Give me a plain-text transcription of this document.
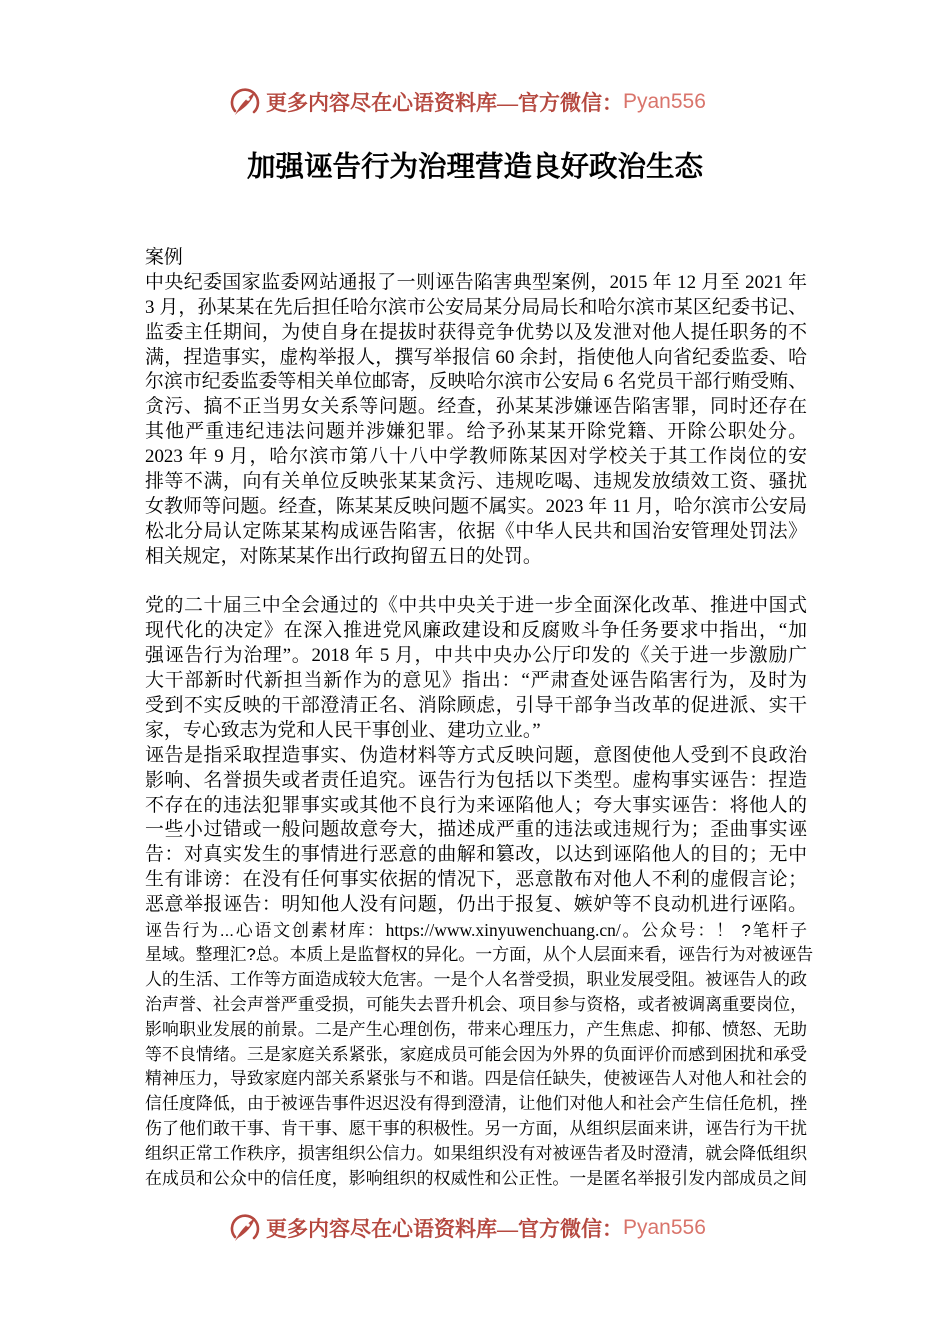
更多内容尽在心语资料库—官方微信： Pyan556
加强诬告行为治理营造良好政治生态
案例
中央纪委国家监委网站通报了一则诬告陷害典型案例，2015 年 12 月至 2021 年
3 月，孙某某在先后担任哈尔滨市公安局某分局局长和哈尔滨市某区纪委书记、
监委主任期间，为使自身在提拔时获得竞争优势以及发泄对他人提任职务的不
满，捏造事实，虚构举报人，撰写举报信 60 余封，指使他人向省纪委监委、哈
尔滨市纪委监委等相关单位邮寄，反映哈尔滨市公安局 6 名党员干部行贿受贿、
贪污、搞不正当男女关系等问题。经查，孙某某涉嫌诬告陷害罪，同时还存在
其他严重违纪违法问题并涉嫌犯罪。给予孙某某开除党籍、开除公职处分。
2023 年 9 月，哈尔滨市第八十八中学教师陈某因对学校关于其工作岗位的安
排等不满，向有关单位反映张某某贪污、违规吃喝、违规发放绩效工资、骚扰
女教师等问题。经查，陈某某反映问题不属实。2023 年 11 月，哈尔滨市公安局
松北分局认定陈某某构成诬告陷害，依据《中华人民共和国治安管理处罚法》
相关规定，对陈某某作出行政拘留五日的处罚。
党的二十届三中全会通过的《中共中央关于进一步全面深化改革、推进中国式
现代化的决定》在深入推进党风廉政建设和反腐败斗争任务要求中指出，“加
强诬告行为治理”。2018 年 5 月，中共中央办公厅印发的《关于进一步激励广
大干部新时代新担当新作为的意见》指出：“严肃查处诬告陷害行为，及时为
受到不实反映的干部澄清正名、消除顾虑，引导干部争当改革的促进派、实干
家，专心致志为党和人民干事创业、建功立业。”
诬告是指采取捏造事实、伪造材料等方式反映问题，意图使他人受到不良政治
影响、名誉损失或者责任追究。诬告行为包括以下类型。虚构事实诬告：捏造
不存在的违法犯罪事实或其他不良行为来诬陷他人；夸大事实诬告：将他人的
一些小过错或一般问题故意夸大，描述成严重的违法或违规行为；歪曲事实诬
告：对真实发生的事情进行恶意的曲解和篡改，以达到诬陷他人的目的；无中
生有诽谤：在没有任何事实依据的情况下，恶意散布对他人不利的虚假言论；
恶意举报诬告：明知他人没有问题，仍出于报复、嫉妒等不良动机进行诬陷。
诬告行为...心语文创素材库：https://www.xinyuwenchuang.cn/。公众号：！ ?笔杆子
星域。整理汇?总。本质上是监督权的异化。一方面，从个人层面来看，诬告行为对被诬告
人的生活、工作等方面造成较大危害。一是个人名誉受损，职业发展受阻。被诬告人的政
治声誉、社会声誉严重受损，可能失去晋升机会、项目参与资格，或者被调离重要岗位，
影响职业发展的前景。二是产生心理创伤，带来心理压力，产生焦虑、抑郁、愤怒、无助
等不良情绪。三是家庭关系紧张，家庭成员可能会因为外界的负面评价而感到困扰和承受
精神压力，导致家庭内部关系紧张与不和谐。四是信任缺失，使被诬告人对他人和社会的
信任度降低，由于被诬告事件迟迟没有得到澄清，让他们对他人和社会产生信任危机，挫
伤了他们敢干事、肯干事、愿干事的积极性。另一方面，从组织层面来讲，诬告行为干扰
组织正常工作秩序，损害组织公信力。如果组织没有对被诬告者及时澄清，就会降低组织
在成员和公众中的信任度，影响组织的权威性和公正性。一是匿名举报引发内部成员之间
更多内容尽在心语资料库—官方微信： Pyan556
